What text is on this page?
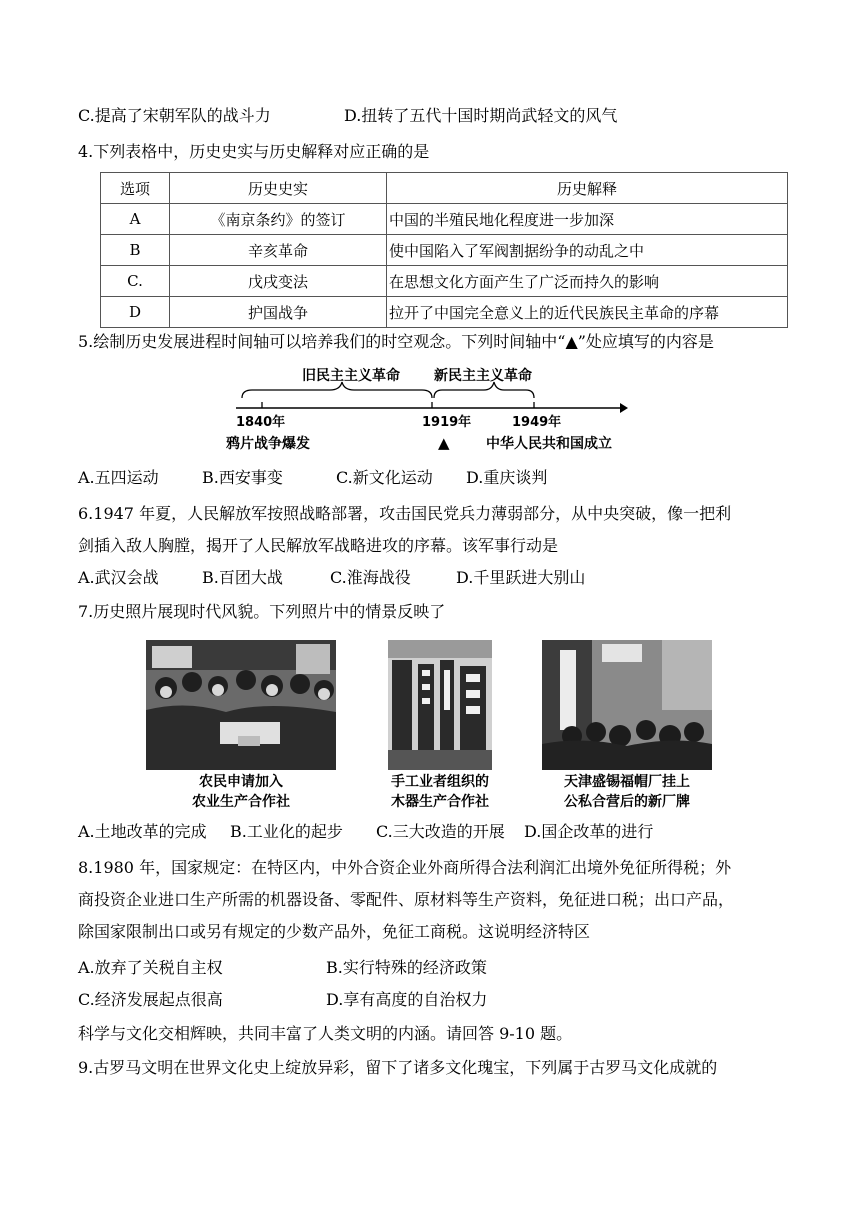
C.提高了宋朝军队的战斗力	D.扭转了五代十国时期尚武轻文的风气
4.下列表格中，历史史实与历史解释对应正确的是
选项	历史史实	历史解释
A	《南京条约》的签订	中国的半殖民地化程度进一步加深
B	辛亥革命	使中国陷入了军阀割据纷争的动乱之中
C.	戊戌变法	在思想文化方面产生了广泛而持久的影响
D	护国战争	拉开了中国完全意义上的近代民族民主革命的序幕
5.绘制历史发展进程时间轴可以培养我们的时空观念。下列时间轴中“▲”处应填写的内容是
旧民主主义革命 新民主主义革命
1840年	1919年	1949年
鸦片战争爆发	▲	中华人民共和国成立
A.五四运动	B.西安事变	C.新文化运动 D.重庆谈判
6.1947 年夏，人民解放军按照战略部署，攻击国民党兵力薄弱部分，从中央突破，像一把利
剑插入敌人胸膛，揭开了人民解放军战略进攻的序幕。该军事行动是
A.武汉会战	B.百团大战	C.淮海战役	D.千里跃进大别山
7.历史照片展现时代风貌。下列照片中的情景反映了
农民申请加入
农业生产合作社
手工业者组织的
木器生产合作社
天津盛锡福帽厂挂上
公私合营后的新厂牌
A.土地改革的完成 B.工业化的起步 C.三大改造的开展 D.国企改革的进行
8.1980 年，国家规定：在特区内，中外合资企业外商所得合法利润汇出境外免征所得税；外
商投资企业进口生产所需的机器设备、零配件、原材料等生产资料，免征进口税；出口产品，
除国家限制出口或另有规定的少数产品外，免征工商税。这说明经济特区
A.放弃了关税自主权	B.实行特殊的经济政策
C.经济发展起点很高	D.享有高度的自治权力
科学与文化交相辉映，共同丰富了人类文明的内涵。请回答 9-10 题。
9.古罗马文明在世界文化史上绽放异彩，留下了诸多文化瑰宝，下列属于古罗马文化成就的
